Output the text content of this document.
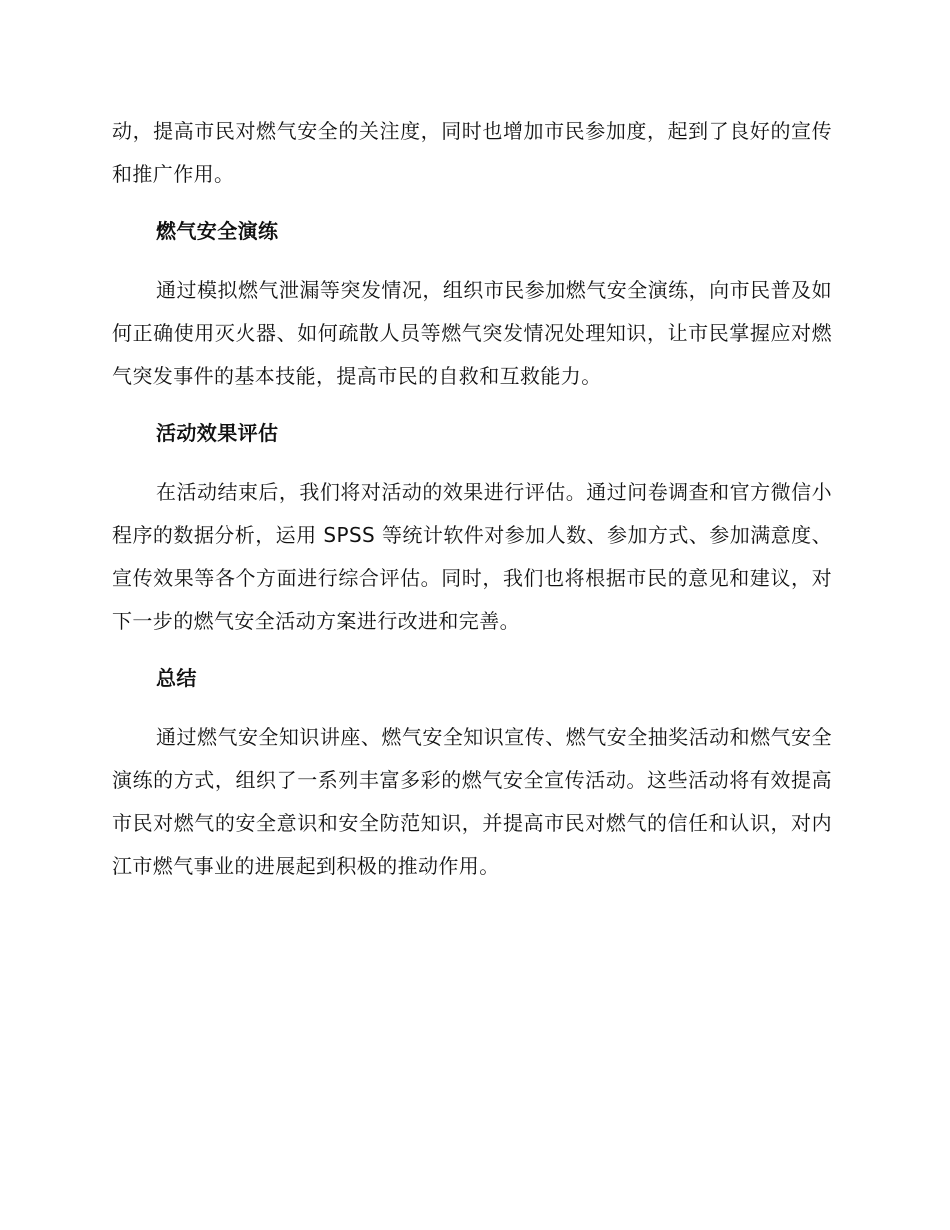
动，提高市民对燃气安全的关注度，同时也增加市民参加度，起到了良好的宣传和推广作用。

燃气安全演练

通过模拟燃气泄漏等突发情况，组织市民参加燃气安全演练，向市民普及如何正确使用灭火器、如何疏散人员等燃气突发情况处理知识，让市民掌握应对燃气突发事件的基本技能，提高市民的自救和互救能力。

活动效果评估

在活动结束后，我们将对活动的效果进行评估。通过问卷调查和官方微信小程序的数据分析，运用 SPSS 等统计软件对参加人数、参加方式、参加满意度、宣传效果等各个方面进行综合评估。同时，我们也将根据市民的意见和建议，对下一步的燃气安全活动方案进行改进和完善。

总结

通过燃气安全知识讲座、燃气安全知识宣传、燃气安全抽奖活动和燃气安全演练的方式，组织了一系列丰富多彩的燃气安全宣传活动。这些活动将有效提高市民对燃气的安全意识和安全防范知识，并提高市民对燃气的信任和认识，对内江市燃气事业的进展起到积极的推动作用。
